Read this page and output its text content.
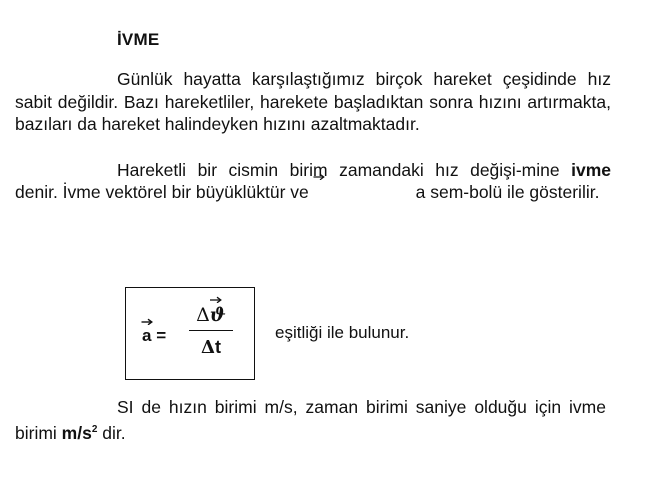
İVME

Günlük hayatta karşılaştığımız birçok hareket çeşidinde hız sabit değildir. Bazı hareketliler, harekete başladıktan sonra hızını artırmakta, bazıları da hareket halindeyken hızını azaltmaktadır.

Hareketli bir cismin birim zamandaki hız değişi-mine ivme denir. İvme vektörel bir büyüklüktür ve	a sem-bolü ile gösterilir.

a =
Δ
ϑ
Δt
eşitliği ile bulunur.

SI de hızın birimi m/s, zaman birimi saniye olduğu için ivme birimi $m/s^2$ dir.
